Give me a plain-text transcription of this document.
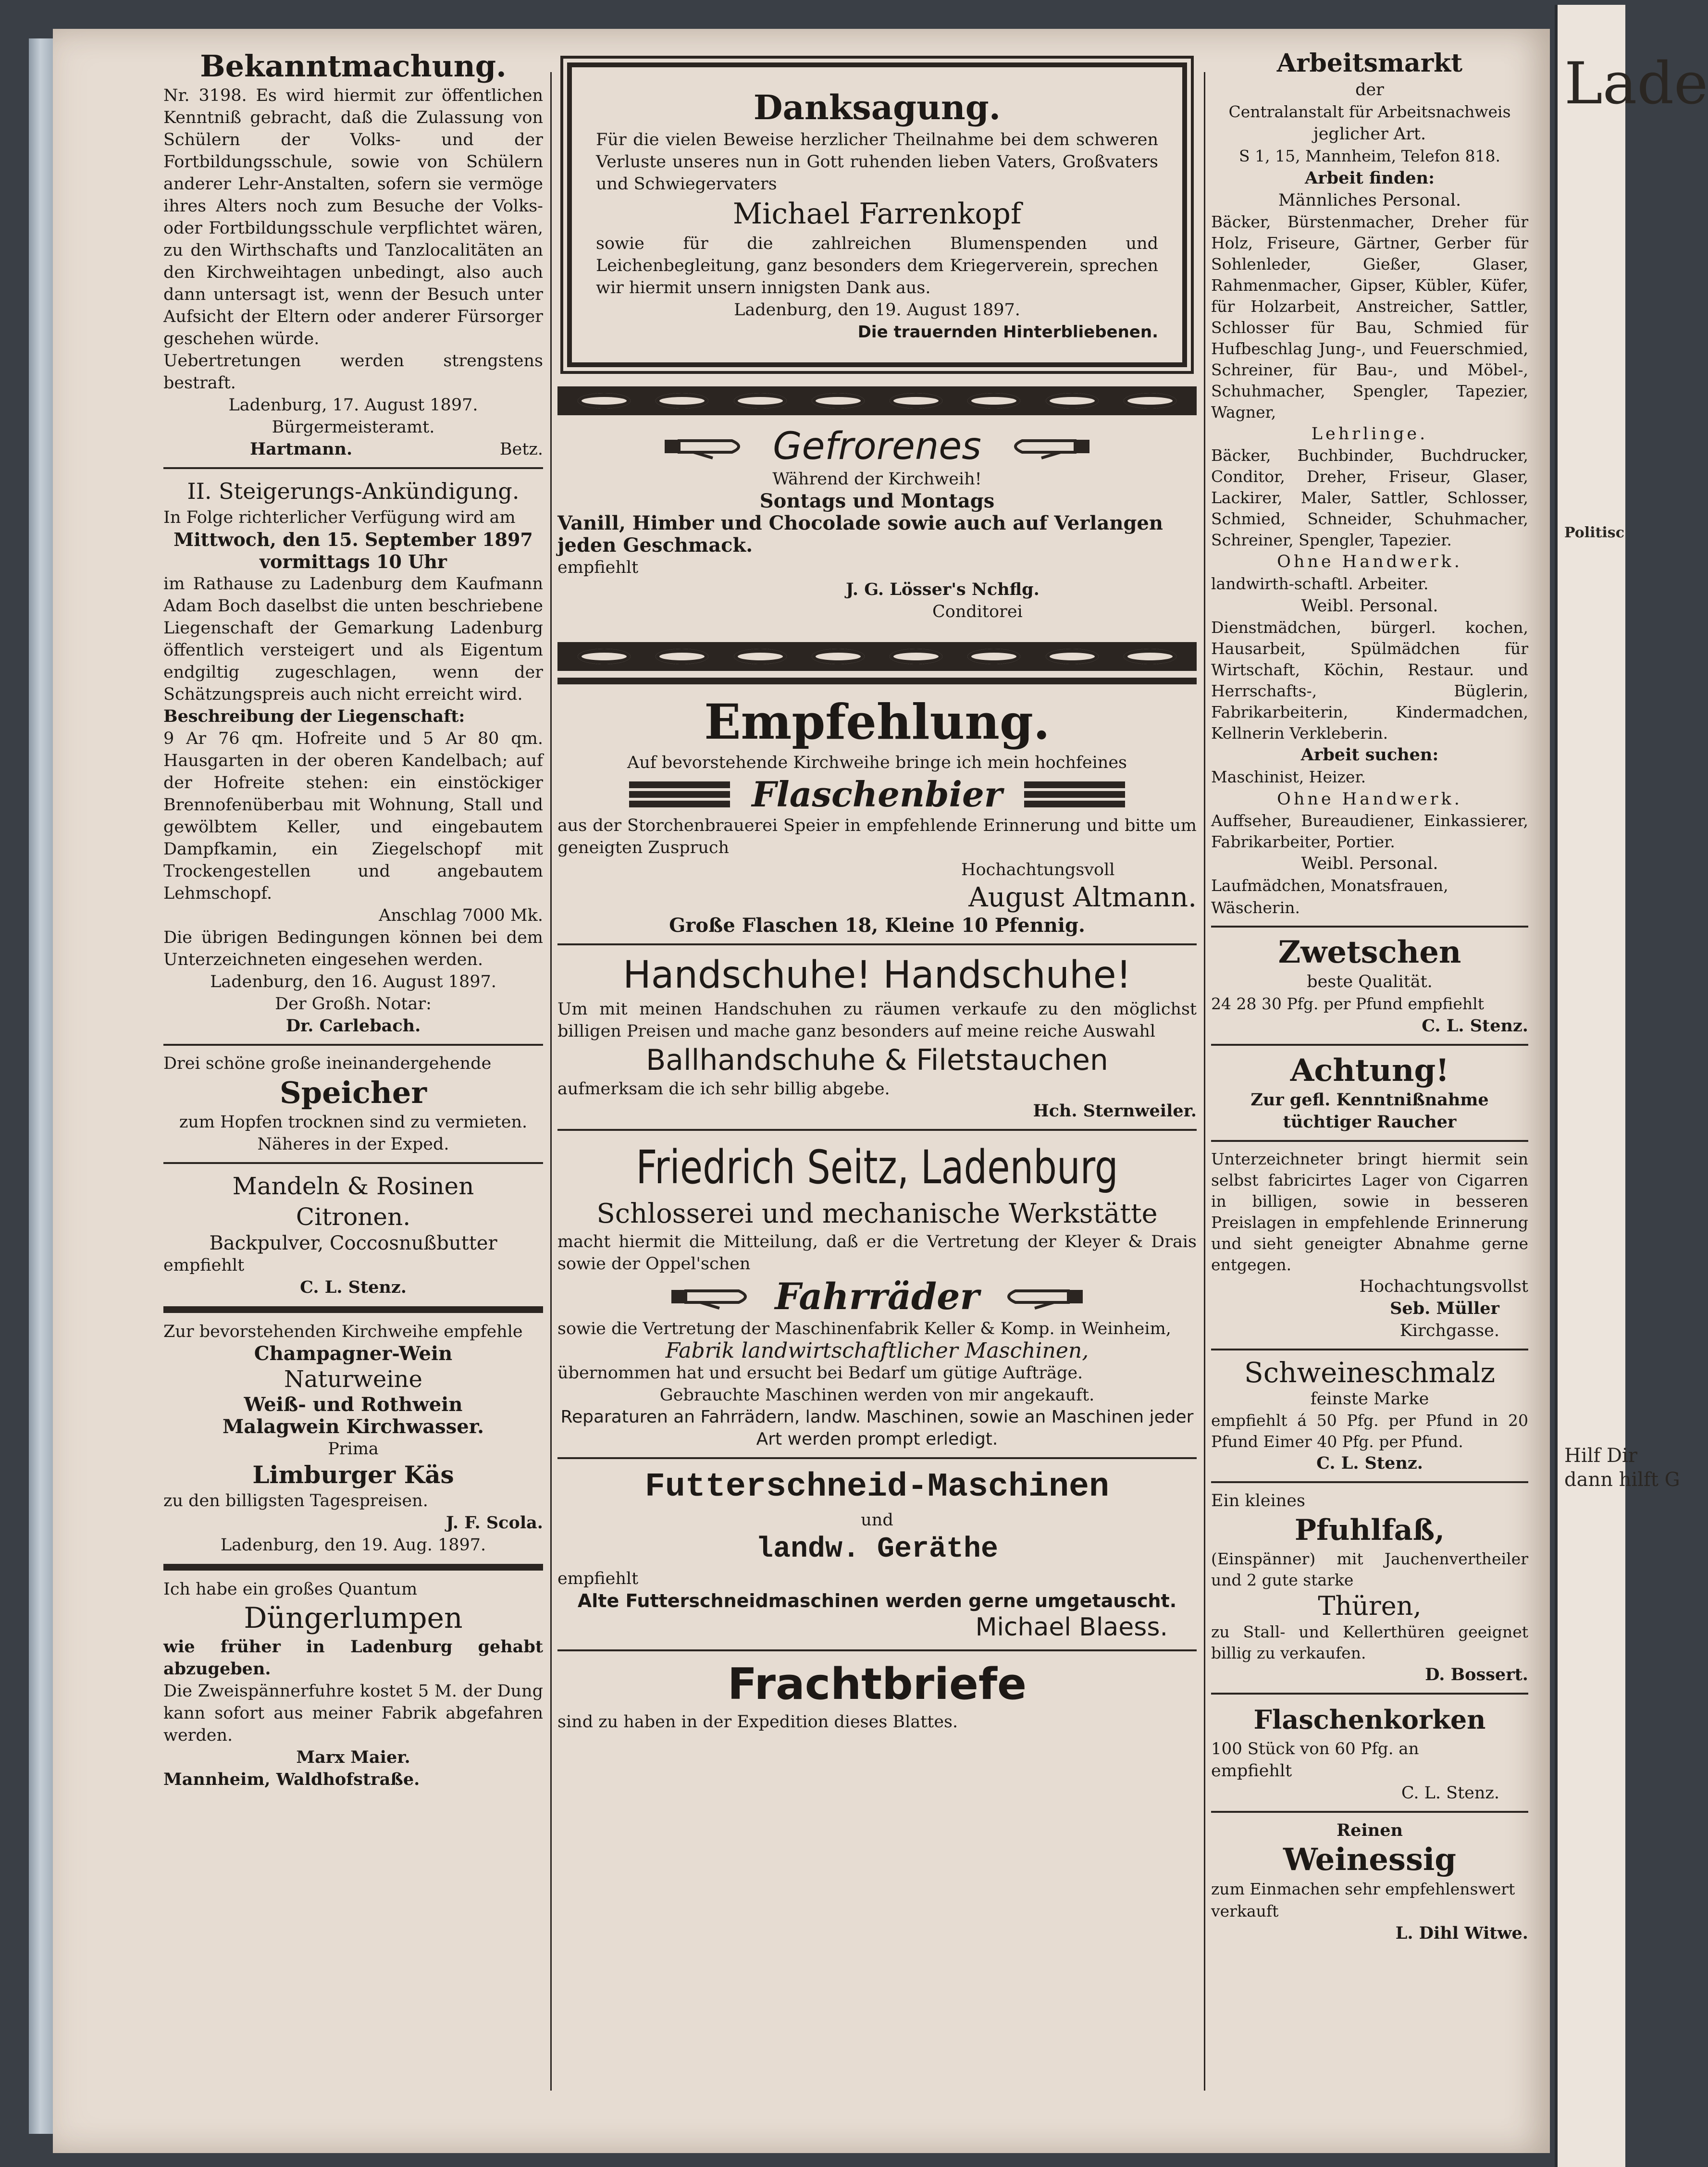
Lade
Politisc
Hilf Dir
dann hilft G

Bekanntmachung.

Nr. 3198. Es wird hiermit zur öffentlichen Kenntniß gebracht, daß die Zulassung von Schülern der Volks- und der Fortbildungsschule, sowie von Schülern anderer Lehr-Anstalten, sofern sie vermöge ihres Alters noch zum Besuche der Volks- oder Fortbildungsschule verpflichtet wären, zu den Wirthschafts und Tanzlocalitäten an den Kirchweihtagen unbedingt, also auch dann untersagt ist, wenn der Besuch unter Aufsicht der Eltern oder anderer Fürsorger geschehen würde.

Uebertretungen werden strengstens bestraft.

Ladenburg, 17. August 1897.

Bürgermeisteramt.

Hartmann.	Betz.

II. Steigerungs-Ankündigung.

In Folge richterlicher Verfügung wird am

Mittwoch, den 15. September 1897 vormittags 10 Uhr

im Rathause zu Ladenburg dem Kaufmann Adam Boch daselbst die unten beschriebene Liegenschaft der Gemarkung Ladenburg öffentlich versteigert und als Eigentum endgiltig zugeschlagen, wenn der Schätzungspreis auch nicht erreicht wird.

Beschreibung der Liegenschaft:

9 Ar 76 qm. Hofreite und 5 Ar 80 qm. Hausgarten in der oberen Kandelbach; auf der Hofreite stehen: ein einstöckiger Brennofenüberbau mit Wohnung, Stall und gewölbtem Keller, und eingebautem Dampfkamin, ein Ziegelschopf mit Trockengestellen und angebautem Lehmschopf.

Anschlag 7000 Mk.

Die übrigen Bedingungen können bei dem Unterzeichneten eingesehen werden.

Ladenburg, den 16. August 1897.

Der Großh. Notar:

Dr. Carlebach.

Drei schöne große ineinandergehende

Speicher

zum Hopfen trocknen sind zu vermieten. Näheres in der Exped.

Mandeln & Rosinen

Citronen.

Backpulver, Coccosnußbutter

empfiehlt

C. L. Stenz.

Zur bevorstehenden Kirchweihe empfehle

Champagner-Wein

Naturweine

Weiß- und Rothwein

Malagwein Kirchwasser.

Prima

Limburger Käs

zu den billigsten Tagespreisen.

J. F. Scola.

Ladenburg, den 19. Aug. 1897.

Ich habe ein großes Quantum

Düngerlumpen

wie früher in Ladenburg gehabt abzugeben.

Die Zweispännerfuhre kostet 5 M. der Dung kann sofort aus meiner Fabrik abgefahren werden.

Marx Maier.

Mannheim, Waldhofstraße.

Danksagung.

Für die vielen Beweise herzlicher Theilnahme bei dem schweren Verluste unseres nun in Gott ruhenden lieben Vaters, Großvaters und Schwiegervaters

Michael Farrenkopf

sowie für die zahlreichen Blumenspenden und Leichenbegleitung, ganz besonders dem Kriegerverein, sprechen wir hiermit unsern innigsten Dank aus.

Ladenburg, den 19. August 1897.

Die trauernden Hinterbliebenen.

Gefrorenes

Während der Kirchweih!

Sontags und Montags

Vanill, Himber und Chocolade sowie auch auf Verlangen jeden Geschmack.

empfiehlt

J. G. Lösser's Nchflg.

Conditorei

Empfehlung.

Auf bevorstehende Kirchweihe bringe ich mein hochfeines

Flaschenbier

aus der Storchenbrauerei Speier in empfehlende Erinnerung und bitte um geneigten Zuspruch

Hochachtungsvoll

August Altmann.

Große Flaschen 18, Kleine 10 Pfennig.

Handschuhe! Handschuhe!

Um mit meinen Handschuhen zu räumen verkaufe zu den möglichst billigen Preisen und mache ganz besonders auf meine reiche Auswahl

Ballhandschuhe & Filetstauchen

aufmerksam die ich sehr billig abgebe.

Hch. Sternweiler.

Friedrich Seitz, Ladenburg

Schlosserei und mechanische Werkstätte

macht hiermit die Mitteilung, daß er die Vertretung der Kleyer & Drais sowie der Oppel'schen

Fahrräder

sowie die Vertretung der Maschinenfabrik Keller & Komp. in Weinheim,

Fabrik landwirtschaftlicher Maschinen,

übernommen hat und ersucht bei Bedarf um gütige Aufträge.

Gebrauchte Maschinen werden von mir angekauft.

Reparaturen an Fahrrädern, landw. Maschinen, sowie an Maschinen jeder Art werden prompt erledigt.

Futterschneid-Maschinen

und

landw. Geräthe

empfiehlt

Alte Futterschneidmaschinen werden gerne umgetauscht.

Michael Blaess.

Frachtbriefe

sind zu haben in der Expedition dieses Blattes.

Arbeitsmarkt

der

Centralanstalt für Arbeitsnachweis

jeglicher Art.

S 1, 15, Mannheim, Telefon 818.

Arbeit finden:

Männliches Personal.

Bäcker, Bürstenmacher, Dreher für Holz, Friseure, Gärtner, Gerber für Sohlenleder, Gießer, Glaser, Rahmenmacher, Gipser, Kübler, Küfer, für Holzarbeit, Anstreicher, Sattler, Schlosser für Bau, Schmied für Hufbeschlag Jung-, und Feuerschmied, Schreiner, für Bau-, und Möbel-, Schuhmacher, Spengler, Tapezier, Wagner,

Lehrlinge.

Bäcker, Buchbinder, Buchdrucker, Conditor, Dreher, Friseur, Glaser, Lackirer, Maler, Sattler, Schlosser, Schmied, Schneider, Schuhmacher, Schreiner, Spengler, Tapezier.

Ohne Handwerk.

landwirth-schaftl. Arbeiter.

Weibl. Personal.

Dienstmädchen, bürgerl. kochen, Hausarbeit, Spülmädchen für Wirtschaft, Köchin, Restaur. und Herrschafts-, Büglerin, Fabrikarbeiterin, Kindermadchen, Kellnerin Verkleberin.

Arbeit suchen:

Maschinist, Heizer.

Ohne Handwerk.

Auffseher, Bureaudiener, Einkassierer, Fabrikarbeiter, Portier.

Weibl. Personal.

Laufmädchen, Monatsfrauen, Wäscherin.

Zwetschen

beste Qualität.

24 28 30 Pfg. per Pfund empfiehlt

C. L. Stenz.

Achtung!

Zur gefl. Kenntnißnahme

tüchtiger Raucher

Unterzeichneter bringt hiermit sein selbst fabricirtes Lager von Cigarren in billigen, sowie in besseren Preislagen in empfehlende Erinnerung und sieht geneigter Abnahme gerne entgegen.

Hochachtungsvollst

Seb. Müller

Kirchgasse.

Schweineschmalz

feinste Marke

empfiehlt á 50 Pfg. per Pfund in 20 Pfund Eimer 40 Pfg. per Pfund.

C. L. Stenz.

Ein kleines

Pfuhlfaß,

(Einspänner) mit Jauchenvertheiler und 2 gute starke

Thüren,

zu Stall- und Kellerthüren geeignet billig zu verkaufen.

D. Bossert.

Flaschenkorken

100 Stück von 60 Pfg. an

empfiehlt

C. L. Stenz.

Reinen

Weinessig

zum Einmachen sehr empfehlenswert verkauft

L. Dihl Witwe.
